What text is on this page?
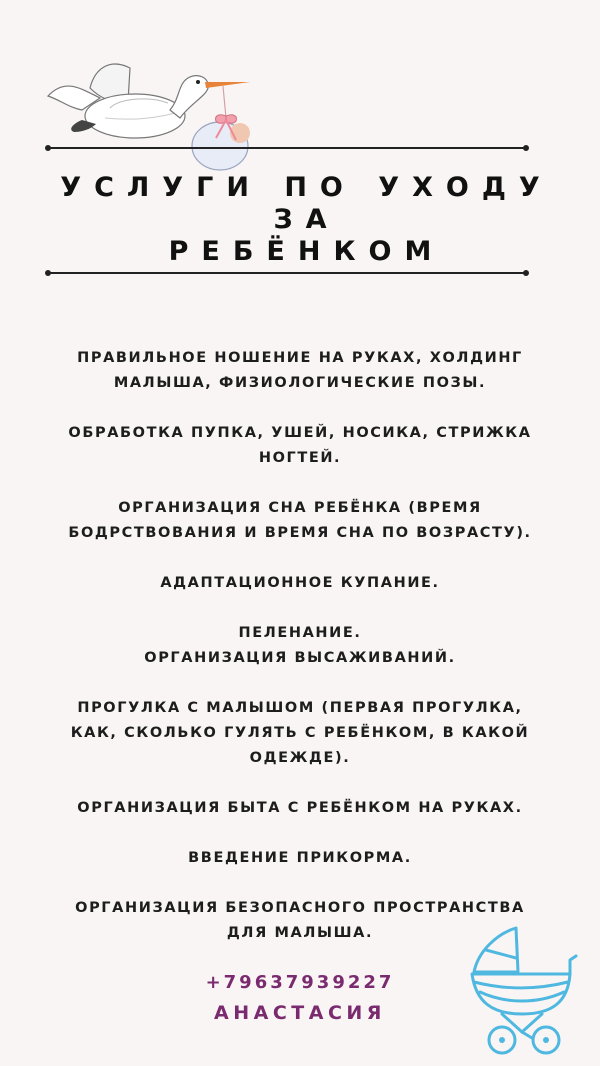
УСЛУГИ ПО УХОДУ ЗА
РЕБЁНКОМ
ПРАВИЛЬНОЕ НОШЕНИЕ НА РУКАХ, ХОЛДИНГ
МАЛЫША, ФИЗИОЛОГИЧЕСКИЕ ПОЗЫ.
ОБРАБОТКА ПУПКА, УШЕЙ, НОСИКА, СТРИЖКА
НОГТЕЙ.
ОРГАНИЗАЦИЯ СНА РЕБЁНКА (ВРЕМЯ
БОДРСТВОВАНИЯ И ВРЕМЯ СНА ПО ВОЗРАСТУ).
АДАПТАЦИОННОЕ КУПАНИЕ.
ПЕЛЕНАНИЕ.
ОРГАНИЗАЦИЯ ВЫСАЖИВАНИЙ.
ПРОГУЛКА С МАЛЫШОМ (ПЕРВАЯ ПРОГУЛКА,
КАК, СКОЛЬКО ГУЛЯТЬ С РЕБЁНКОМ, В КАКОЙ
ОДЕЖДЕ).
ОРГАНИЗАЦИЯ БЫТА С РЕБЁНКОМ НА РУКАХ.
ВВЕДЕНИЕ ПРИКОРМА.
ОРГАНИЗАЦИЯ БЕЗОПАСНОГО ПРОСТРАНСТВА
ДЛЯ МАЛЫША.
+79637939227
АНАСТАСИЯ
